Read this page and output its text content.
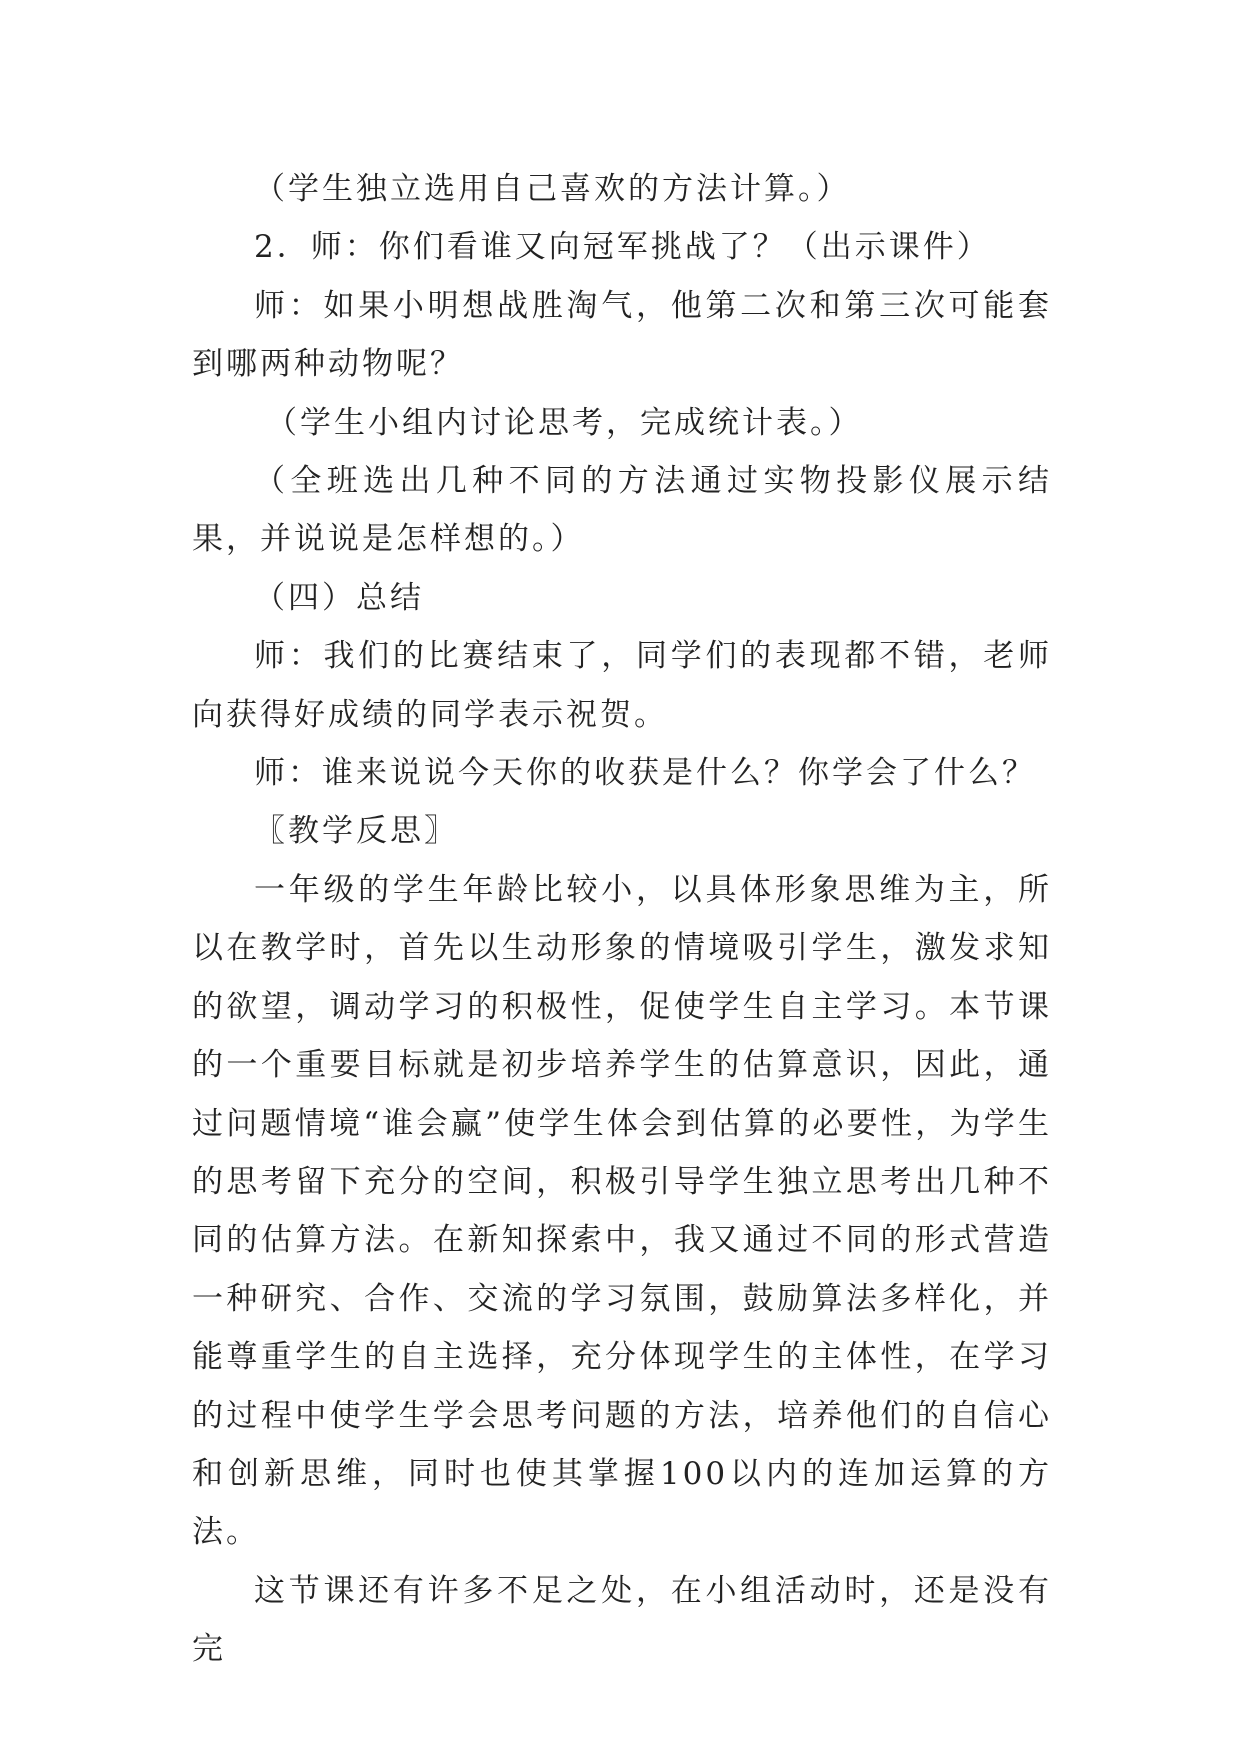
（学生独立选用自己喜欢的方法计算。）

2．师：你们看谁又向冠军挑战了？（出示课件）

师：如果小明想战胜淘气，他第二次和第三次可能套到哪两种动物呢？

（学生小组内讨论思考，完成统计表。）

（全班选出几种不同的方法通过实物投影仪展示结果，并说说是怎样想的。）

（四）总结

师：我们的比赛结束了，同学们的表现都不错，老师向获得好成绩的同学表示祝贺。

师：谁来说说今天你的收获是什么？你学会了什么？

〖教学反思〗

一年级的学生年龄比较小，以具体形象思维为主，所以在教学时，首先以生动形象的情境吸引学生，激发求知的欲望，调动学习的积极性，促使学生自主学习。本节课的一个重要目标就是初步培养学生的估算意识，因此，通过问题情境“谁会赢”使学生体会到估算的必要性，为学生的思考留下充分的空间，积极引导学生独立思考出几种不同的估算方法。在新知探索中，我又通过不同的形式营造一种研究、合作、交流的学习氛围，鼓励算法多样化，并能尊重学生的自主选择，充分体现学生的主体性，在学习的过程中使学生学会思考问题的方法，培养他们的自信心和创新思维，同时也使其掌握100以内的连加运算的方法。

这节课还有许多不足之处，在小组活动时，还是没有完
